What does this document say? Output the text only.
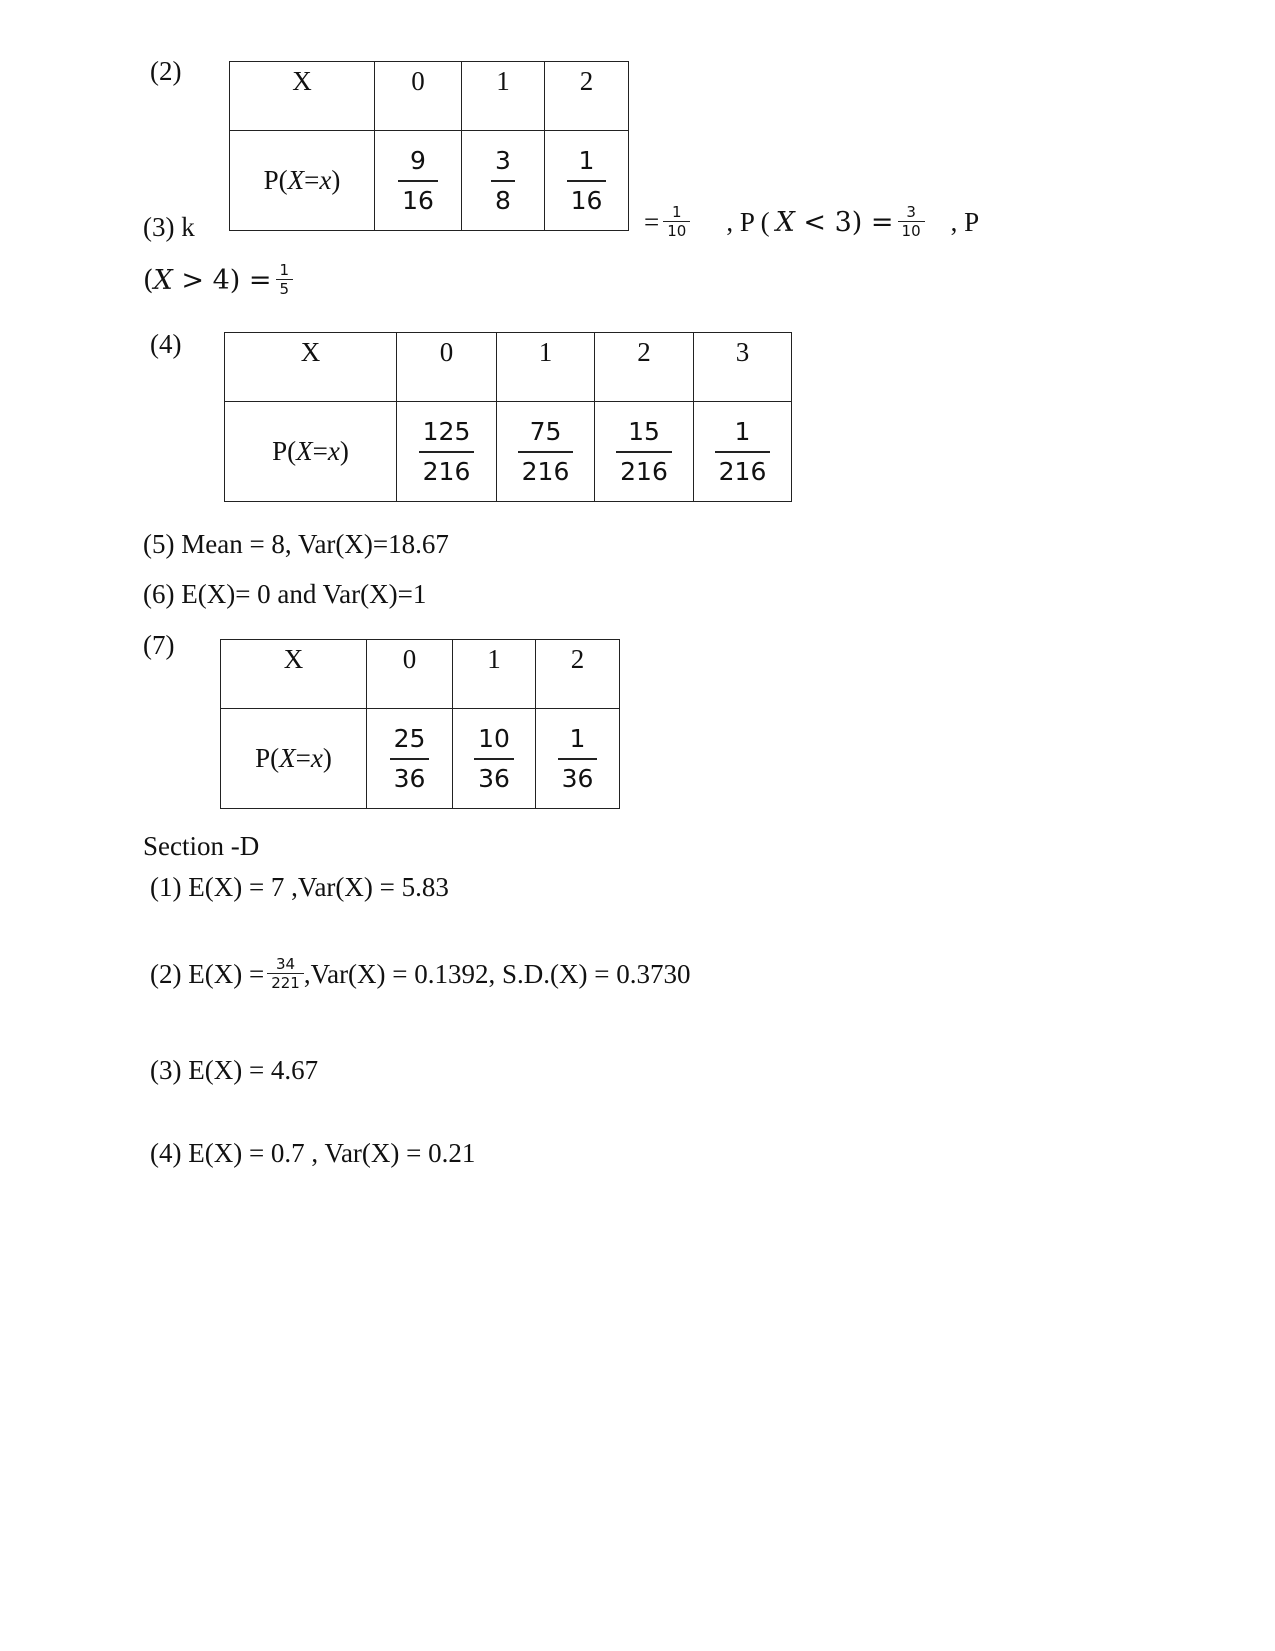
(2)	X	0	1	2
P(X=x)	$\frac{9}{16}$	$\frac{3}{8}$	$\frac{1}{16}$
(3) k	= $\frac{1}{10}$ , P ( $X < 3) = \frac{3}{10}$ , P
$(X > 4) = \frac{1}{5}$
(4)	X	0	1	2	3
P(X=x)	$\frac{125}{216}$	$\frac{75}{216}$	$\frac{15}{216}$	$\frac{1}{216}$
(5) Mean = 8, Var(X)=18.67
(6) E(X)= 0 and Var(X)=1
(7)	X	0	1	2
P(X=x)	$\frac{25}{36}$	$\frac{10}{36}$	$\frac{1}{36}$
Section -D
(1) E(X) = 7 ,Var(X) = 5.83
(2) $E(X) = \frac{34}{221} ,Var(X) = 0.1392$, S.D.(X) = 0.3730
(3) E(X) = 4.67
(4) E(X) = 0.7 , Var(X) = 0.21
